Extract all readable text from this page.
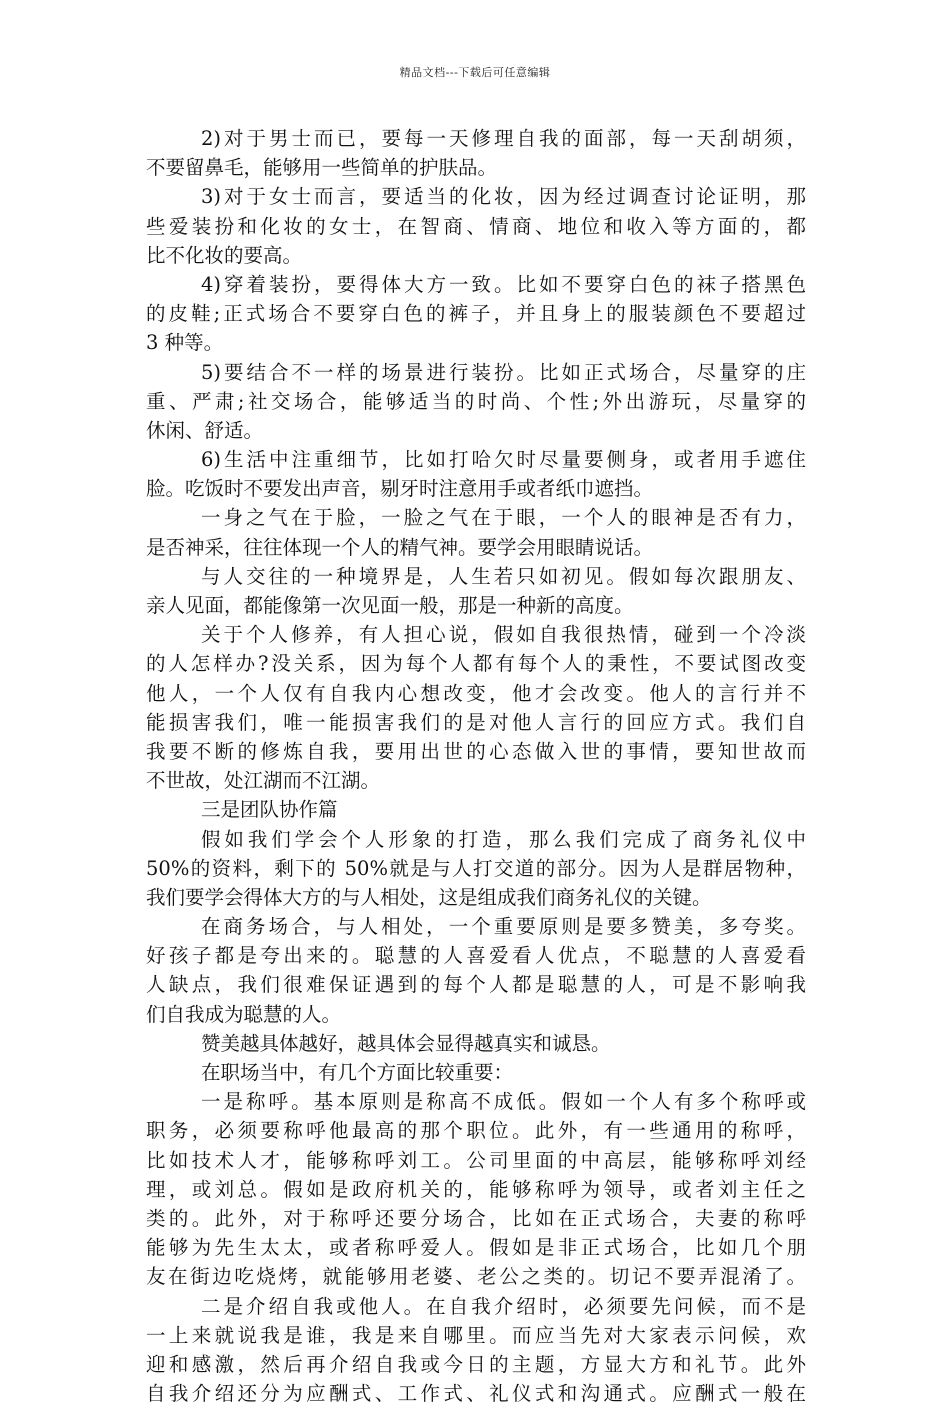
精品文档---下载后可任意编辑
2)对于男士而已，要每一天修理自我的面部，每一天刮胡须，
不要留鼻毛，能够用一些简单的护肤品。
3)对于女士而言，要适当的化妆，因为经过调查讨论证明，那
些爱装扮和化妆的女士，在智商、情商、地位和收入等方面的，都
比不化妆的要高。
4)穿着装扮，要得体大方一致。比如不要穿白色的袜子搭黑色
的皮鞋;正式场合不要穿白色的裤子，并且身上的服装颜色不要超过
3 种等。
5)要结合不一样的场景进行装扮。比如正式场合，尽量穿的庄
重、严肃;社交场合，能够适当的时尚、个性;外出游玩，尽量穿的
休闲、舒适。
6)生活中注重细节，比如打哈欠时尽量要侧身，或者用手遮住
脸。吃饭时不要发出声音，剔牙时注意用手或者纸巾遮挡。
一身之气在于脸，一脸之气在于眼，一个人的眼神是否有力，
是否神采，往往体现一个人的精气神。要学会用眼睛说话。
与人交往的一种境界是，人生若只如初见。假如每次跟朋友、
亲人见面，都能像第一次见面一般，那是一种新的高度。
关于个人修养，有人担心说，假如自我很热情，碰到一个冷淡
的人怎样办?没关系，因为每个人都有每个人的秉性，不要试图改变
他人，一个人仅有自我内心想改变，他才会改变。他人的言行并不
能损害我们，唯一能损害我们的是对他人言行的回应方式。我们自
我要不断的修炼自我，要用出世的心态做入世的事情，要知世故而
不世故，处江湖而不江湖。
三是团队协作篇
假如我们学会个人形象的打造，那么我们完成了商务礼仪中
50%的资料，剩下的 50%就是与人打交道的部分。因为人是群居物种，
我们要学会得体大方的与人相处，这是组成我们商务礼仪的关键。
在商务场合，与人相处，一个重要原则是要多赞美，多夸奖。
好孩子都是夸出来的。聪慧的人喜爱看人优点，不聪慧的人喜爱看
人缺点，我们很难保证遇到的每个人都是聪慧的人，可是不影响我
们自我成为聪慧的人。
赞美越具体越好，越具体会显得越真实和诚恳。
在职场当中，有几个方面比较重要：
一是称呼。基本原则是称高不成低。假如一个人有多个称呼或
职务，必须要称呼他最高的那个职位。此外，有一些通用的称呼，
比如技术人才，能够称呼刘工。公司里面的中高层，能够称呼刘经
理，或刘总。假如是政府机关的，能够称呼为领导，或者刘主任之
类的。此外，对于称呼还要分场合，比如在正式场合，夫妻的称呼
能够为先生太太，或者称呼爱人。假如是非正式场合，比如几个朋
友在街边吃烧烤，就能够用老婆、老公之类的。切记不要弄混淆了。
二是介绍自我或他人。在自我介绍时，必须要先问候，而不是
一上来就说我是谁，我是来自哪里。而应当先对大家表示问候，欢
迎和感激，然后再介绍自我或今日的主题，方显大方和礼节。此外
自我介绍还分为应酬式、工作式、礼仪式和沟通式。应酬式一般在
